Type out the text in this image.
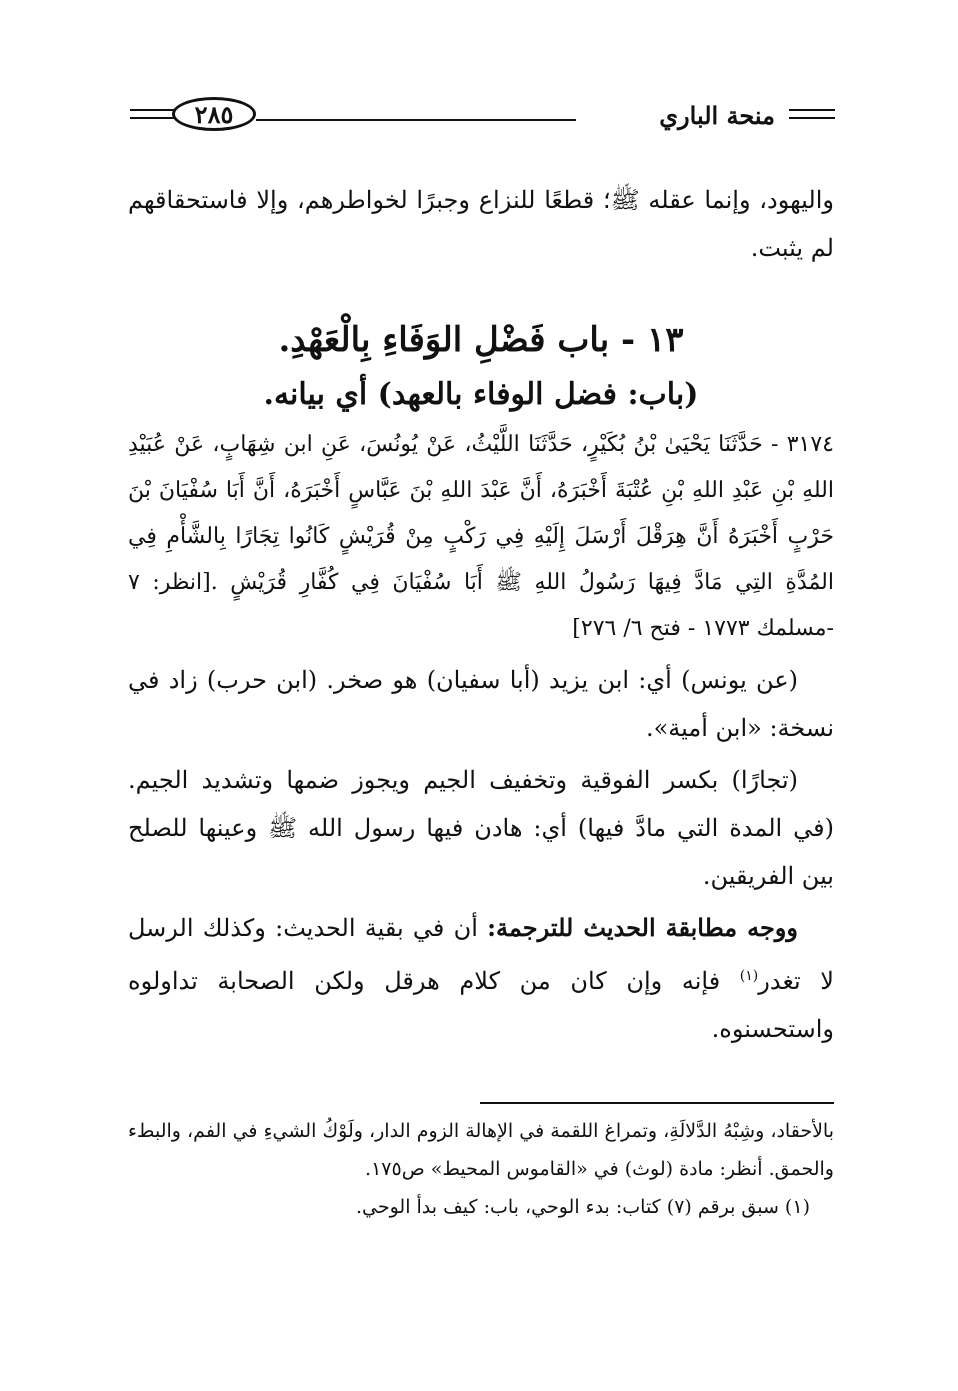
منحة الباري
٢٨٥

واليهود، وإنما عقله ﷺ؛ قطعًا للنزاع وجبرًا لخواطرهم، وإلا فاستحقاقهم لم يثبت.

١٣ - باب فَضْلِ الوَفَاءِ بِالْعَهْدِ.
(باب: فضل الوفاء بالعهد) أي بيانه.

٣١٧٤ - حَدَّثَنَا يَحْيَىٰ بْنُ بُكَيْرٍ، حَدَّثَنَا اللَّيْثُ، عَنْ يُونُسَ، عَنِ ابن شِهَابٍ، عَنْ عُبَيْدِ اللهِ بْنِ عَبْدِ اللهِ بْنِ عُتْبَةَ أَخْبَرَهُ، أَنَّ عَبْدَ اللهِ بْنَ عَبَّاسٍ أَخْبَرَهُ، أَنَّ أَبَا سُفْيَانَ بْنَ حَرْبٍ أَخْبَرَهُ أَنَّ هِرَقْلَ أَرْسَلَ إِلَيْهِ فِي رَكْبٍ مِنْ قُرَيْشٍ كَانُوا تِجَارًا بِالشَّأْمِ فِي المُدَّةِ التِي مَادَّ فِيهَا رَسُولُ اللهِ ﷺ أَبَا سُفْيَانَ فِي كُفَّارِ قُرَيْشٍ .[انظر: ٧ -مسلمك ١٧٧٣ - فتح ٦/ ٢٧٦]

(عن يونس) أي: ابن يزيد (أبا سفيان) هو صخر. (ابن حرب) زاد في نسخة: «ابن أمية».

(تجارًا) بكسر الفوقية وتخفيف الجيم ويجوز ضمها وتشديد الجيم. (في المدة التي مادَّ فيها) أي: هادن فيها رسول الله ﷺ وعينها للصلح بين الفريقين.

ووجه مطابقة الحديث للترجمة: أن في بقية الحديث: وكذلك الرسل لا تغدر$^{(١)}$ فإنه وإن كان من كلام هرقل ولكن الصحابة تداولوه واستحسنوه.

بالأحقاد، وشِبْهُ الدَّلالَةِ، وتمراغ اللقمة في الإهالة الزوم الدار، ولَوْكُ الشيءِ في الفم، والبطء والحمق. أنظر: مادة (لوث) في «القاموس المحيط» ص١٧٥.

(١) سبق برقم (٧) كتاب: بدء الوحي، باب: كيف بدأ الوحي.
